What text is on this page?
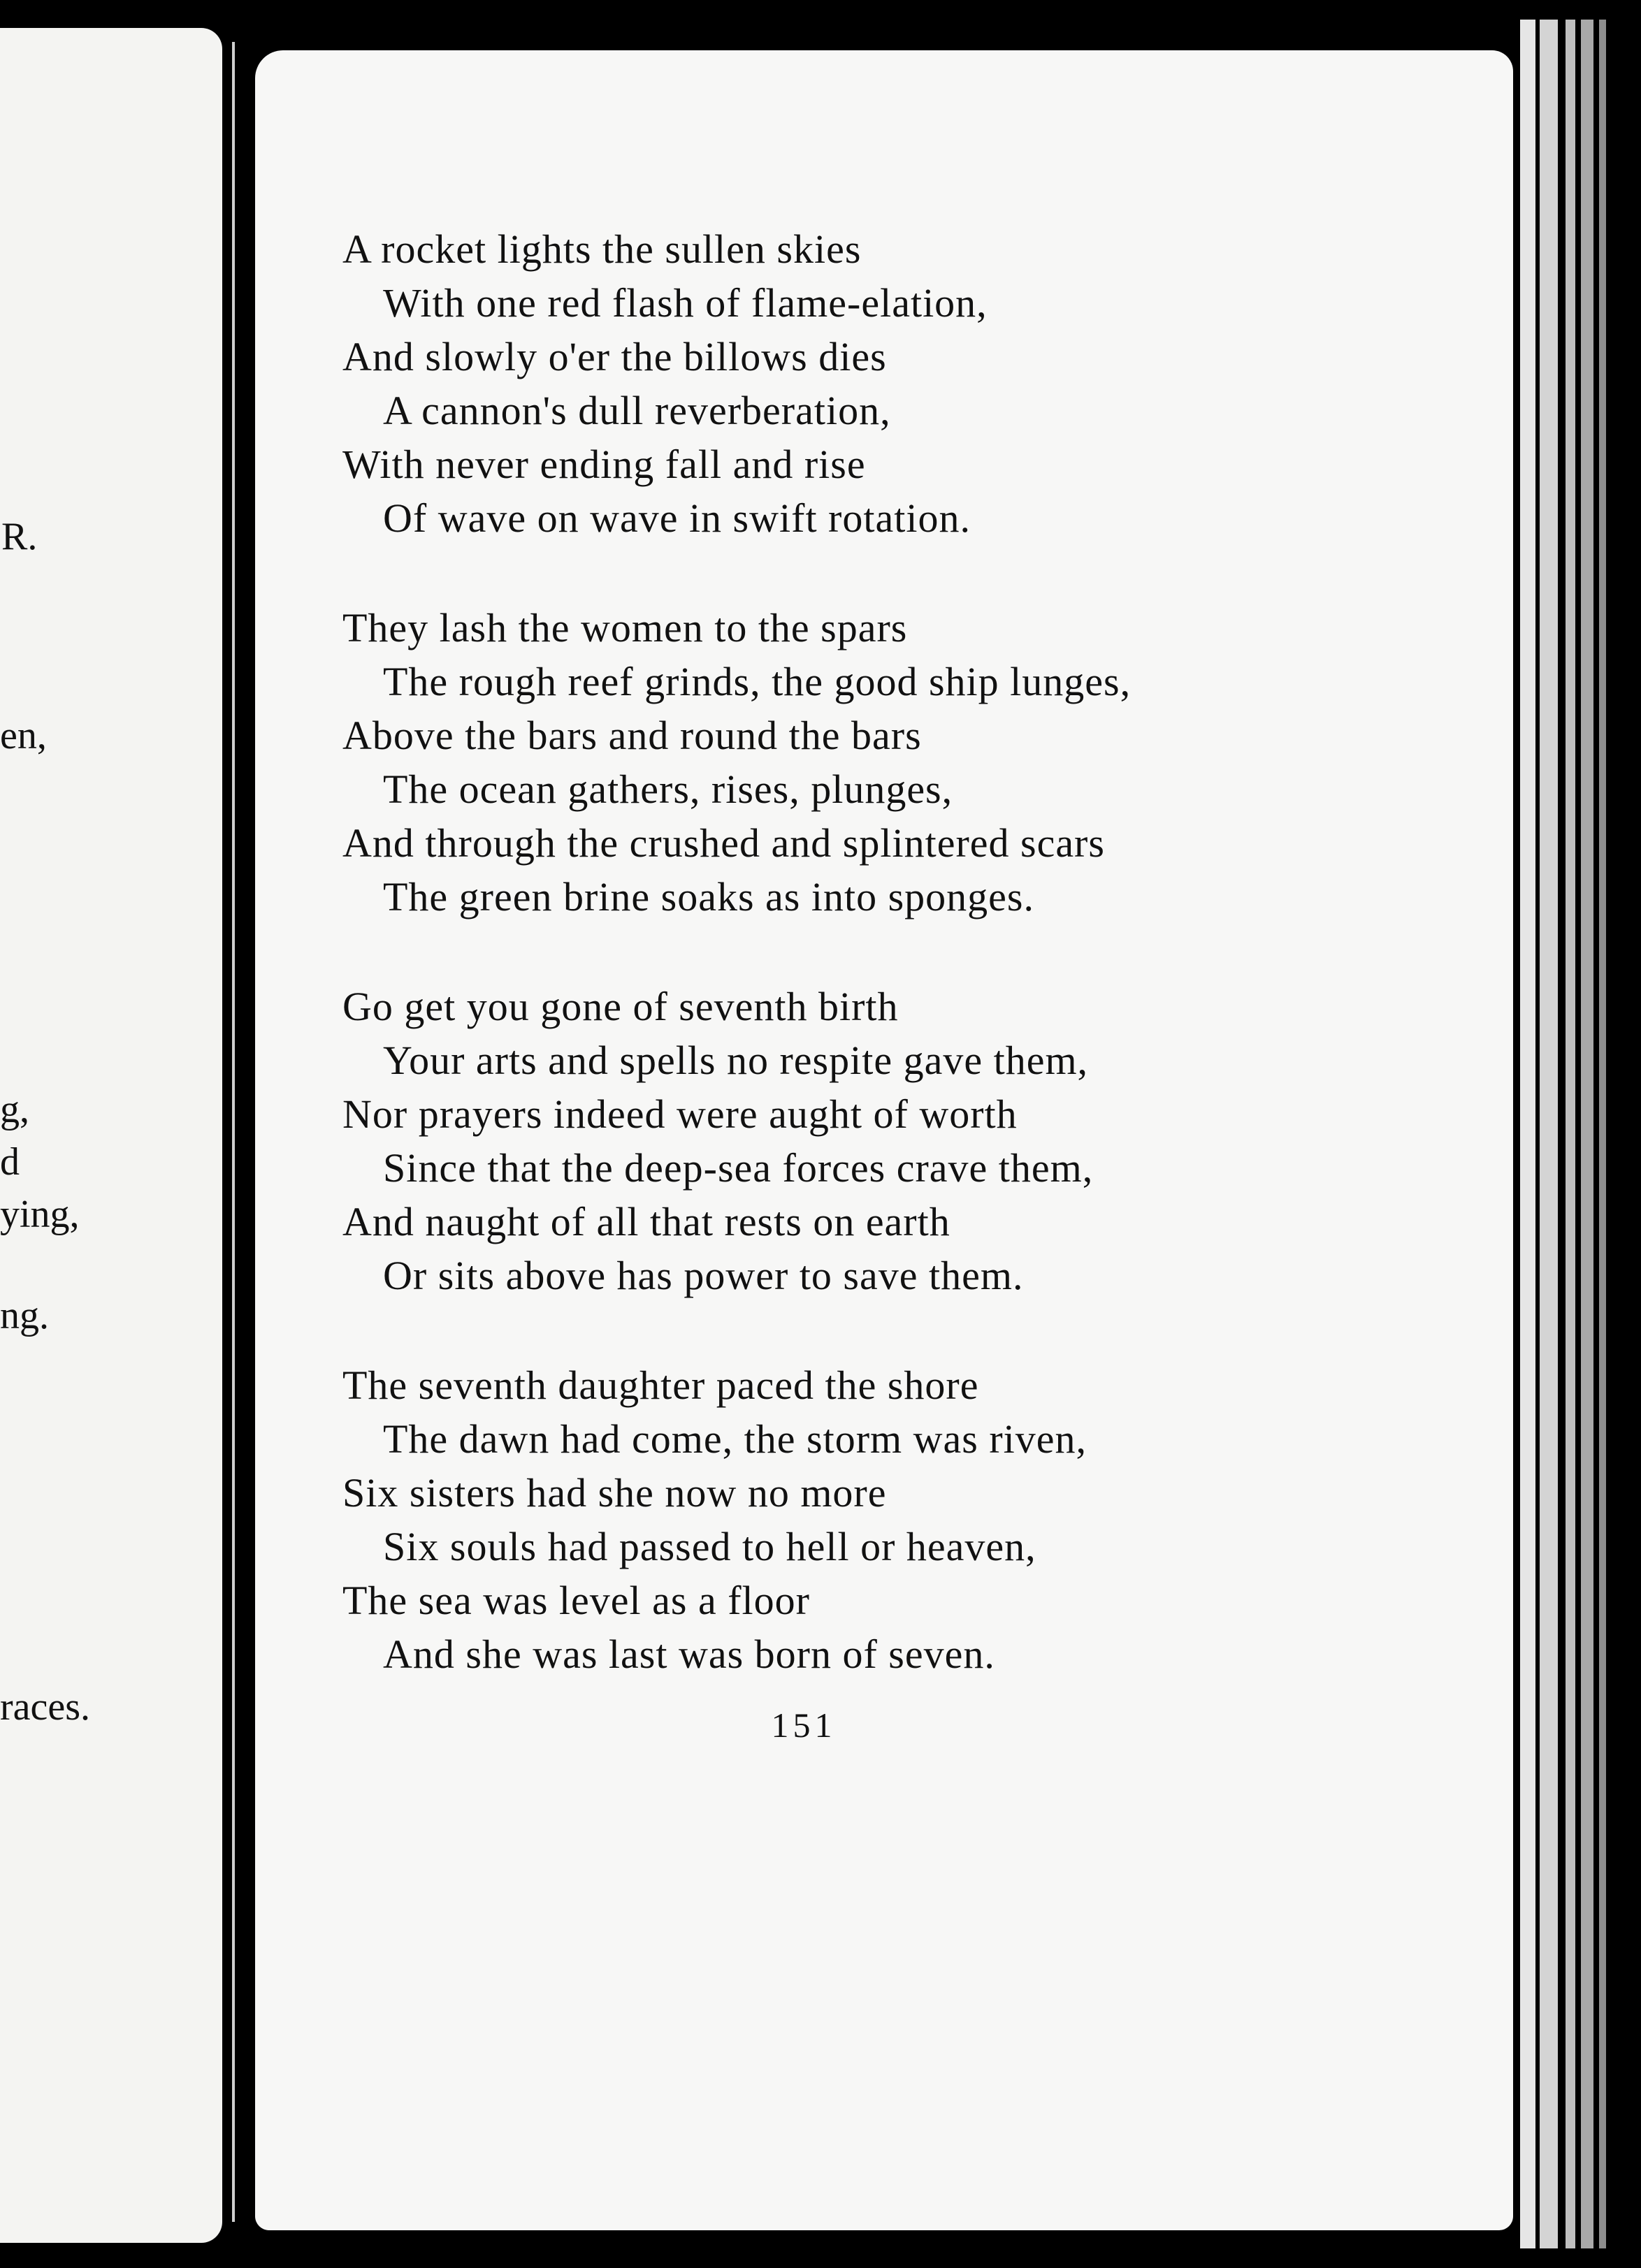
R.

en,

g,

d

ying,

ng.

races.

A rocket lights the sullen skies
With one red flash of flame-elation,
And slowly o'er the billows dies
A cannon's dull reverberation,
With never ending fall and rise
Of wave on wave in swift rotation.
They lash the women to the spars
The rough reef grinds, the good ship lunges,
Above the bars and round the bars
The ocean gathers, rises, plunges,
And through the crushed and splintered scars
The green brine soaks as into sponges.
Go get you gone of seventh birth
Your arts and spells no respite gave them,
Nor prayers indeed were aught of worth
Since that the deep-sea forces crave them,
And naught of all that rests on earth
Or sits above has power to save them.
The seventh daughter paced the shore
The dawn had come, the storm was riven,
Six sisters had she now no more
Six souls had passed to hell or heaven,
The sea was level as a floor
And she was last was born of seven.
151
